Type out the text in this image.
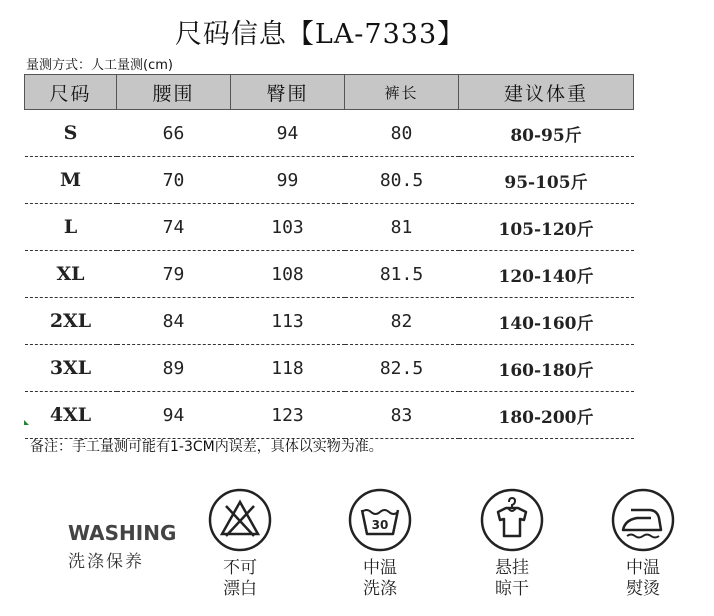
尺码信息【LA-7333】
量测方式：人工量测(cm)
尺码	腰围	臀围	裤长	建议体重
S	66	94	80	80-95斤
M	70	99	80.5	95-105斤
L	74	103	81	105-120斤
XL	79	108	81.5	120-140斤
2XL	84	113	82	140-160斤
3XL	89	118	82.5	160-180斤
4XL	94	123	83	180-200斤
备注：手工量测可能有1-3CM内误差，具体以实物为准。
WASHING
洗涤保养	不可
漂白
30
中温
洗涤
悬挂
晾干
中温
熨烫
